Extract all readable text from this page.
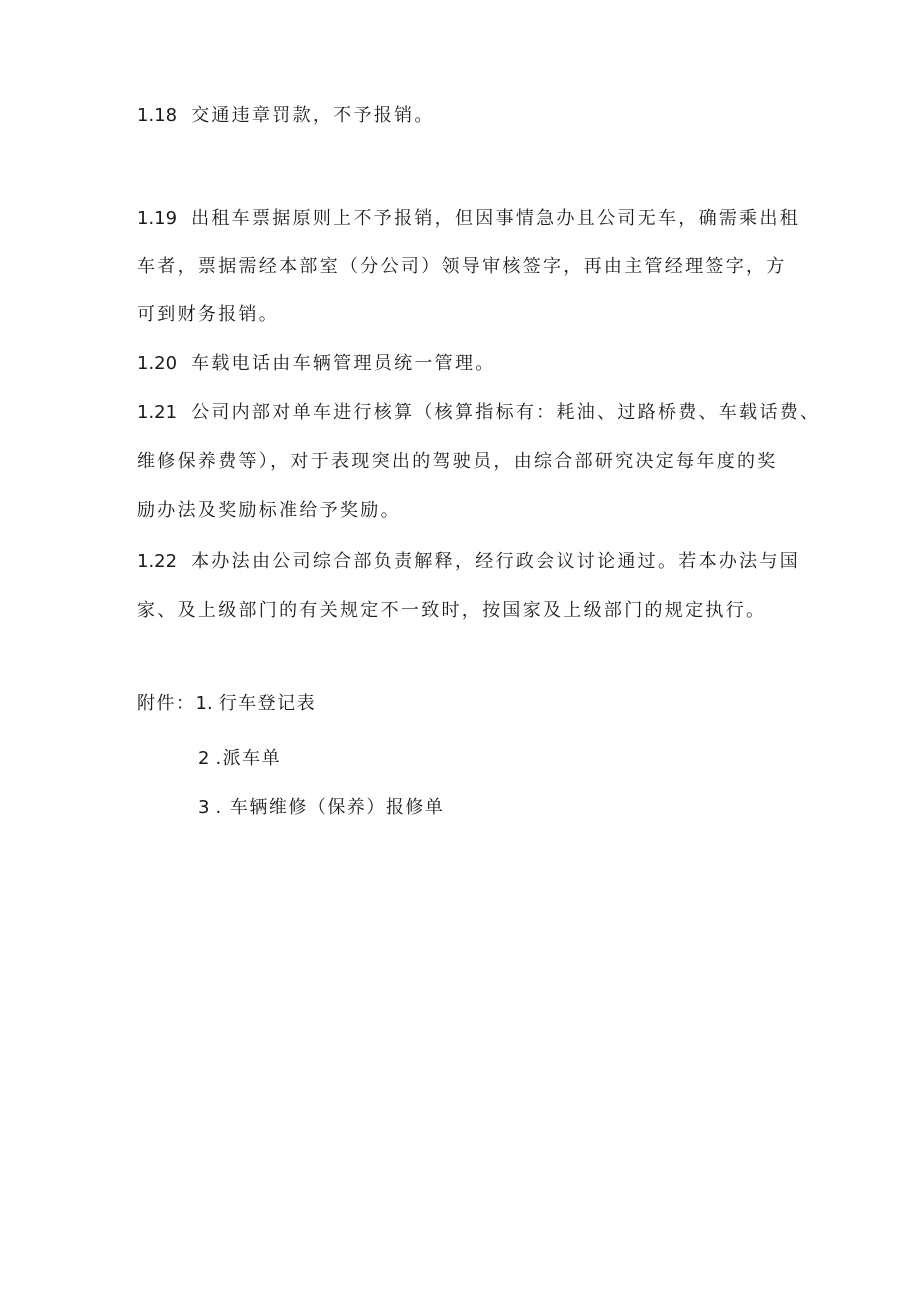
1.18 交通违章罚款，不予报销。
1.19 出租车票据原则上不予报销，但因事情急办且公司无车，确需乘出租
车者，票据需经本部室（分公司）领导审核签字，再由主管经理签字，方
可到财务报销。
1.20 车载电话由车辆管理员统一管理。
1.21 公司内部对单车进行核算（核算指标有：耗油、过路桥费、车载话费、
维修保养费等），对于表现突出的驾驶员，由综合部研究决定每年度的奖
励办法及奖励标准给予奖励。
1.22 本办法由公司综合部负责解释，经行政会议讨论通过。若本办法与国
家、及上级部门的有关规定不一致时，按国家及上级部门的规定执行。
附件：1. 行车登记表
2 .派车单
3 . 车辆维修（保养）报修单
